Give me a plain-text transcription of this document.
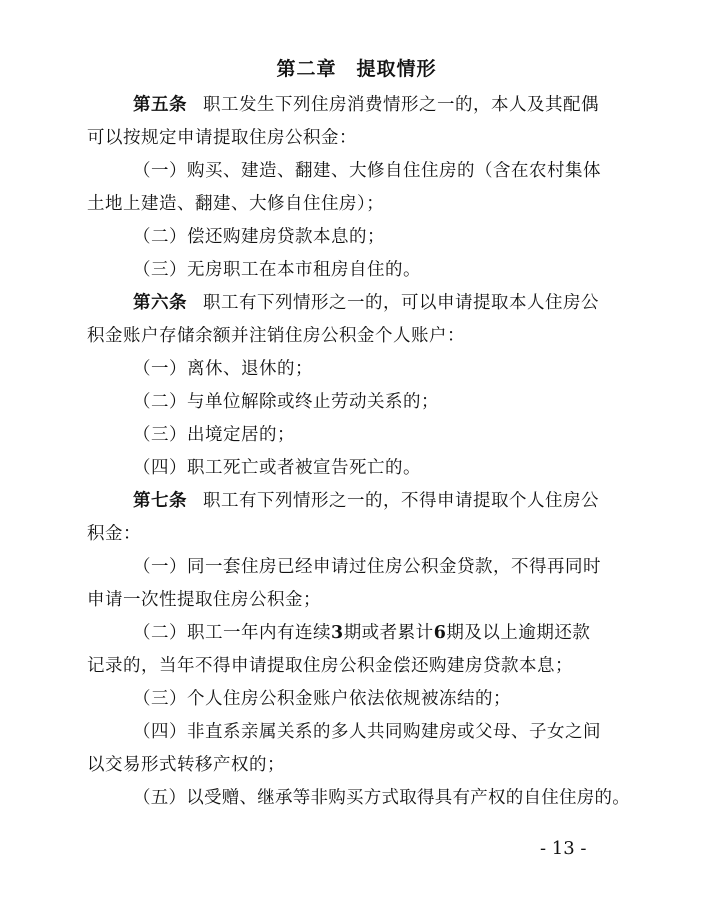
第二章　提取情形
第五条 职工发生下列住房消费情形之一的，本人及其配偶
可以按规定申请提取住房公积金：
（一）购买、建造、翻建、大修自住住房的（含在农村集体
土地上建造、翻建、大修自住住房）；
（二）偿还购建房贷款本息的；
（三）无房职工在本市租房自住的。
第六条 职工有下列情形之一的，可以申请提取本人住房公
积金账户存储余额并注销住房公积金个人账户：
（一）离休、退休的；
（二）与单位解除或终止劳动关系的；
（三）出境定居的；
（四）职工死亡或者被宣告死亡的。
第七条 职工有下列情形之一的，不得申请提取个人住房公
积金：
（一）同一套住房已经申请过住房公积金贷款，不得再同时
申请一次性提取住房公积金；
（二）职工一年内有连续3期或者累计6期及以上逾期还款
记录的，当年不得申请提取住房公积金偿还购建房贷款本息；
（三）个人住房公积金账户依法依规被冻结的；
（四）非直系亲属关系的多人共同购建房或父母、子女之间
以交易形式转移产权的；
（五）以受赠、继承等非购买方式取得具有产权的自住住房的。
- 13 -
